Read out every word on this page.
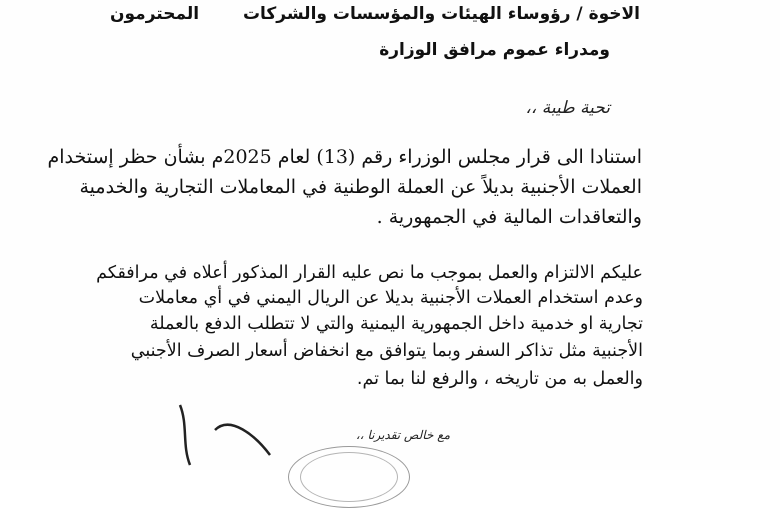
الاخوة / رؤوساء الهيئات والمؤسسات والشركات

المحترمون

ومدراء عموم مرافق الوزارة

تحية طيبة ،،

استنادا الى قرار مجلس الوزراء رقم (13) لعام 2025م بشأن حظر إستخدام

العملات الأجنبية بديلاً عن العملة الوطنية في المعاملات التجارية والخدمية

والتعاقدات المالية في الجمهورية .

عليكم الالتزام والعمل بموجب ما نص عليه القرار المذكور أعلاه في مرافقكم

وعدم استخدام العملات الأجنبية بديلا عن الريال اليمني في أي معاملات

تجارية او خدمية داخل الجمهورية اليمنية والتي لا تتطلب الدفع بالعملة

الأجنبية مثل تذاكر السفر وبما يتوافق مع انخفاض أسعار الصرف الأجنبي

والعمل به من تاريخه ، والرفع لنا بما تم.

مع خالص تقديرنا ،،
